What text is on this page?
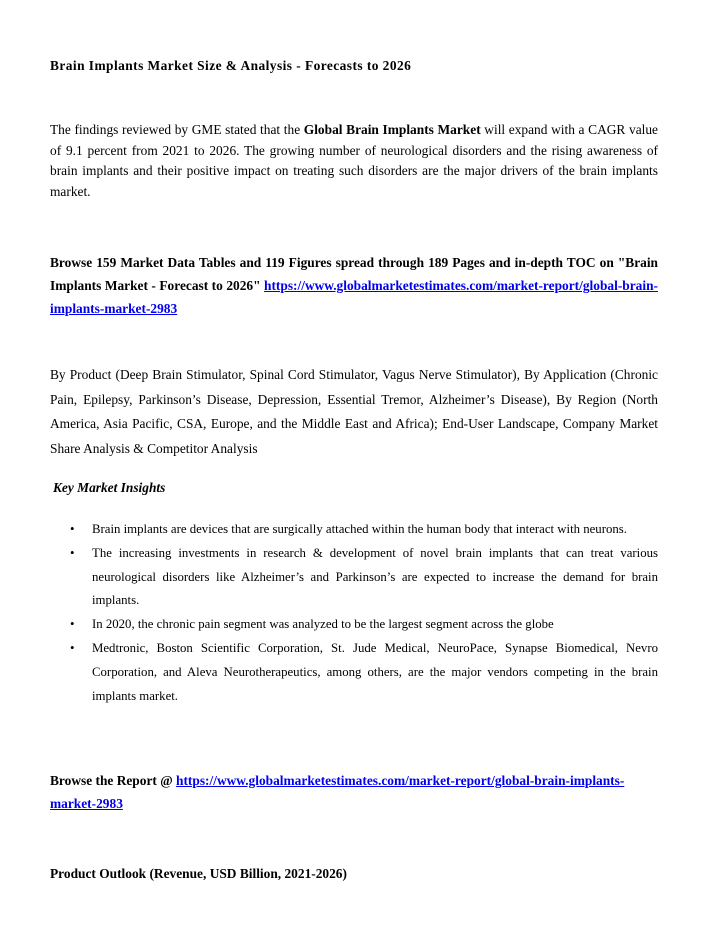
Brain Implants Market Size & Analysis - Forecasts to 2026
The findings reviewed by GME stated that the Global Brain Implants Market will expand with a CAGR value of 9.1 percent from 2021 to 2026. The growing number of neurological disorders and the rising awareness of brain implants and their positive impact on treating such disorders are the major drivers of the brain implants market.
Browse 159 Market Data Tables and 119 Figures spread through 189 Pages and in-depth TOC on "Brain Implants Market - Forecast to 2026" https://www.globalmarketestimates.com/market-report/global-brain-implants-market-2983
By Product (Deep Brain Stimulator, Spinal Cord Stimulator, Vagus Nerve Stimulator), By Application (Chronic Pain, Epilepsy, Parkinson’s Disease, Depression, Essential Tremor, Alzheimer’s Disease), By Region (North America, Asia Pacific, CSA, Europe, and the Middle East and Africa); End-User Landscape, Company Market Share Analysis & Competitor Analysis
Key Market Insights
• Brain implants are devices that are surgically attached within the human body that interact with neurons.
• The increasing investments in research & development of novel brain implants that can treat various neurological disorders like Alzheimer’s and Parkinson’s are expected to increase the demand for brain implants.
• In 2020, the chronic pain segment was analyzed to be the largest segment across the globe
• Medtronic, Boston Scientific Corporation, St. Jude Medical, NeuroPace, Synapse Biomedical, Nevro Corporation, and Aleva Neurotherapeutics, among others, are the major vendors competing in the brain implants market.
Browse the Report @ https://www.globalmarketestimates.com/market-report/global-brain-implants-market-2983
Product Outlook (Revenue, USD Billion, 2021-2026)
